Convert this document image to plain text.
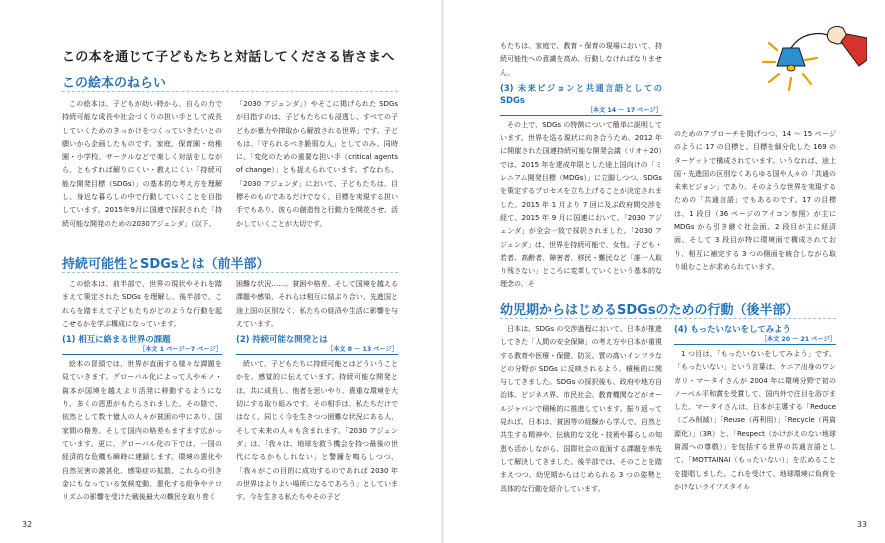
この本を通じて子どもたちと対話してくださる皆さまへ
この絵本のねらい

この絵本は、子どもが幼い時から、自らの力で持続可能な成長や社会づくりの担い手として成長していくためのきっかけをつくっていきたいとの願いから企画したものです。家庭、保育園・幼稚園・小学校、サークルなどで楽しく対話をしながら、ともすれば解りにくい・教えにくい「持続可能な開発目標（SDGs）」の基本的な考え方を理解し、身近な暮らしの中で行動していくことを目指しています。2015年9月に国連で採択された「持続可能な開発のための2030アジェンダ」（以下、

「2030 アジェンダ」）やそこに掲げられた SDGs が目指すのは、子どもたちにも浸透し、すべての子どもが暴力や搾取から解放される世界」です。子どもは、「守られるべき脆弱な人」としてのみ、同時に、「変化のための重要な担い手（critical agents of change）」とも捉えられています。ずなわち、「2030 アジェンダ」において、子どもたちは、目標そのものであるだけでなく、目標を実現する担い手でもあり、彼らの創造性と行動力を開花させ、活かしていくことが大切です。

持続可能性とSDGsとは（前半部）

この絵本は、前半部で、世界の現状やそれを踏まえて策定された SDGs を理解し、後半部で、これらを踏まえて子どもたちがどのような行動を起こせるかを学ぶ構成になっています。

(1) 相互に絡まる世界の課題
［本文 1 ページ〜7 ページ］

絵本の冒頭では、世界が直面する様々な課題を見ていきます。グローバル化によって人やモノ・資本が国境を越えより活発に移動するようになり、多くの恩恵がもたらされました。その陰で、依然として数十億人の人々が貧困の中にあり、国家間の格差、そして国内の格差もますます広がっています。更に、グローバル化の下では、一国の経済的な危機も瞬時に連鎖します。環境の悪化や自然災害の激甚化、感染症の拡散、これらの引き金にもなっている気候変動、悪化する紛争やテロリズムの影響を受けた戦後最大の難民を取り巻く

困難な状況……。貧困や格差、そして国境を越える課題や感染、それらは相互に結ぶり合い、先進国と途上国の区別なく、私たちの経済や生活に影響を与えています。

(2) 持続可能な開発とは
［本文 8 〜 13 ページ］

続いて、子どもたちに持続可能とはどういうことかを、感覚的に伝えています。持続可能な開発とは、共に成長し、他者を思いやり、貴重な環境を大切にする取り組みです。その相手は、私たちだけではなく、同じく今を生きつつ困難な状況にある人、そして未来の人々も含まれます。「2030 アジェンダ」は、「我々は、地球を救う機会を持つ最後の世代になるかもしれない」と警鐘を鳴らしつつ、「我々がこの目的に成功するのであれば 2030 年の世界はよりよい場所になるであろう」としています。今を生きる私たちやその子ど

32

もたちは、家庭で、教育・保育の現場において、持続可能性への意識を高め、行動しなければなりません。

(3) 未来ビジョンと共通言語としての SDGs
［本文 14 〜 17 ページ］

その上で、SDGs の特徴について簡単に説明しています。世界を巡る現状に向き合うため、2012 年に開催された国連持続可能な開発会議（リオ＋20）では、2015 年を達成年限とした途上国向けの「ミレニアム開発目標（MDGs）」に立脚しつつ、SDGs を策定するプロセスを立ち上げることが決定されました。2015 年 1 月より 7 回に及ぶ政府間交渉を経て、2015 年 9 月に国連において、「2030 アジェンダ」が全会一致で採択されました。「2030 アジェンダ」は、世界を持続可能で、女性、子ども・若者、高齢者、障害者、移民・難民など「誰一人取り残さない」ところに変革していくという基本的な理念の、そ

のためのアプローチを掲げつつ、14 〜 15 ページのように 17 の目標と、目標を細分化した 169 のターゲットで構成されています。いうなれば、途上国・先進国の区別なくあらゆる国や人々の「共通の未来ビジョン」であり、そのような世界を実現するための「共通言語」でもあるのです。17 の目標は、1 段目（36 ページのアイコン参照）が主に MDGs から引き継ぐ社会面、2 段目が主に経済面、そして 3 段目が特に環境面で構成されており、相互に補完する 3 つの側面を統合しながら取り組むことが求められています。

幼児期からはじめるSDGsのための行動（後半部）

日本は、SDGs の交渉過程において、日本が推進してきた「人間の安全保障」の考え方や日本が重視する教育や医療・保健、防災、質の高いインフラなどの分野が SDGs に反映されるよう、積極的に関与してきました。SDGs の採択後も、政府や地方自治体、ビジネス界、市民社会、教育機関などがオールジャパンで積極的に推進しています。振り返って見れば、日本は、貧困等の経験から学んで、自然と共生する精神や、伝統的な文化・技術や暮らしの知恵も活かしながら、国際社会の直面する課題を率先して解決してきました。後半部では、そのことを踏まえつつ、幼児期からはじめられる 3 つの姿勢と具体的な行動を紹介しています。

(4) もったいないをしてみよう
［本文 20 〜 21 ページ］

1 つ目は、「もったいないをしてみよう」です。「もったいない」という言葉は、ケニア出身のワンガリ・マータイさんが 2004 年に環境分野で初のノーベル平和賞を受賞して、国内外で注目を浴びました。マータイさんは、日本が主導する「Reduce（ごみ削減）」「Reuse（再利用）」「Recycle（再資源化）」（3R）と、「Respect（かけがえのない地球資源への尊敬）」を包括する世界の共通言語として、「MOTTAINAI（もったいない）」を広めることを提唱しました。これを受けて、地球環境に負荷をかけないライフスタイル

33
